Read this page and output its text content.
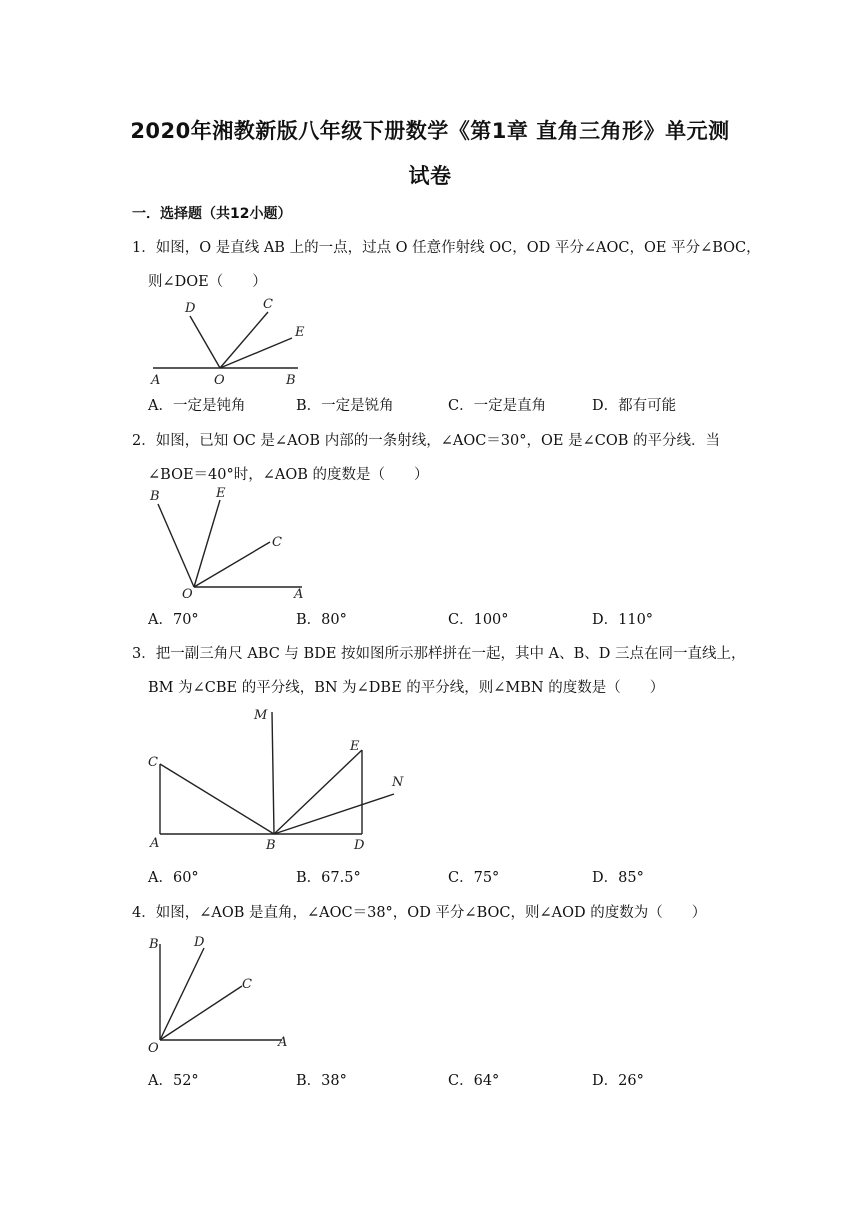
2020年湘教新版八年级下册数学《第1章 直角三角形》单元测
试卷
一．选择题（共12小题）
1．如图，O 是直线 AB 上的一点，过点 O 任意作射线 OC，OD 平分∠AOC，OE 平分∠BOC，
则∠DOE（　　）
D	C
E
A	O	B
A．一定是钝角	B．一定是锐角	C．一定是直角	D．都有可能
2．如图，已知 OC 是∠AOB 内部的一条射线，∠AOC＝30°，OE 是∠COB 的平分线．当
∠BOE＝40°时，∠AOB 的度数是（　　）
B	E
C
O	A
A．70°	B．80°	C．100°	D．110°
3．把一副三角尺 ABC 与 BDE 按如图所示那样拼在一起，其中 A、B、D 三点在同一直线上，
BM 为∠CBE 的平分线，BN 为∠DBE 的平分线，则∠MBN 的度数是（　　）
M
E
C
N
A	B	D
A．60°	B．67.5°	C．75°	D．85°
4．如图，∠AOB 是直角，∠AOC＝38°，OD 平分∠BOC，则∠AOD 的度数为（　　）
B	D
C
O	A
A．52°	B．38°	C．64°	D．26°
